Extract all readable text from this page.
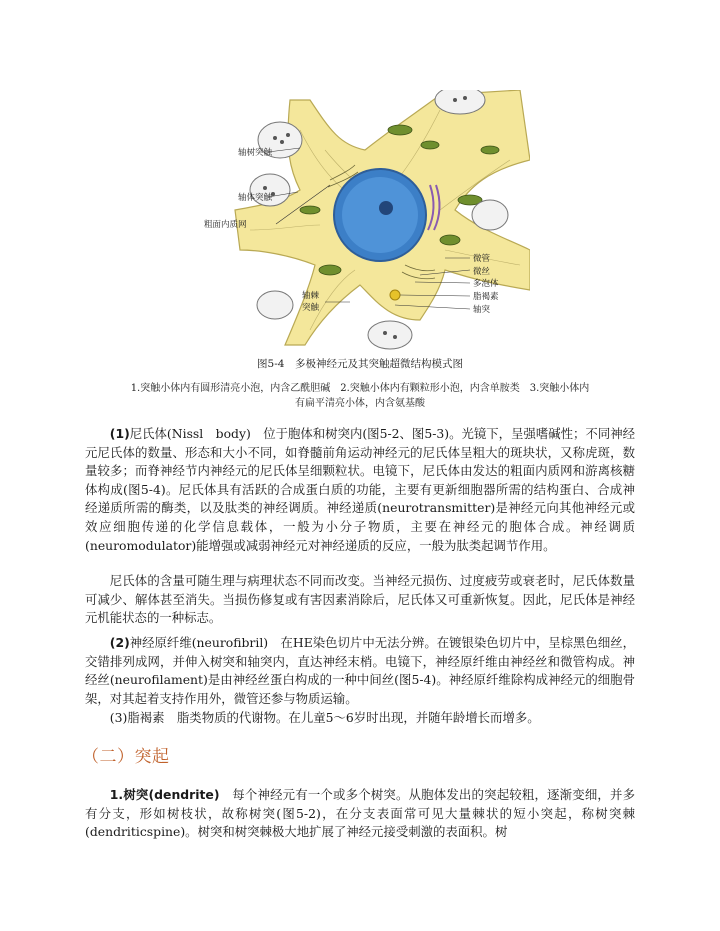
轴树突触
轴体突触
粗面内质网
轴棘
突触
微管
微丝
多泡体
脂褐素
轴突
图5-4　多极神经元及其突触超微结构模式图
1.突触小体内有圆形清亮小泡，内含乙酰胆碱　2.突触小体内有颗粒形小泡，内含单胺类　3.突触小体内
有扁平清亮小体，内含氨基酸

(1)尼氏体(Nissl　body)　位于胞体和树突内(图5-2、图5-3)。光镜下，呈强嗜碱性；不同神经元尼氏体的数量、形态和大小不同，如脊髓前角运动神经元的尼氏体呈粗大的斑块状，又称虎斑，数量较多；而脊神经节内神经元的尼氏体呈细颗粒状。电镜下，尼氏体由发达的粗面内质网和游离核糖体构成(图5-4)。尼氏体具有活跃的合成蛋白质的功能，主要有更新细胞器所需的结构蛋白、合成神经递质所需的酶类，以及肽类的神经调质。神经递质(neurotransmitter)是神经元向其他神经元或效应细胞传递的化学信息载体，一般为小分子物质，主要在神经元的胞体合成。神经调质(neuromodulator)能增强或减弱神经元对神经递质的反应，一般为肽类起调节作用。

尼氏体的含量可随生理与病理状态不同而改变。当神经元损伤、过度疲劳或衰老时，尼氏体数量可减少、解体甚至消失。当损伤修复或有害因素消除后，尼氏体又可重新恢复。因此，尼氏体是神经元机能状态的一种标志。

(2)神经原纤维(neurofibril)　在HE染色切片中无法分辨。在镀银染色切片中，呈棕黑色细丝，交错排列成网，并伸入树突和轴突内，直达神经末梢。电镜下，神经原纤维由神经丝和微管构成。神经丝(neurofilament)是由神经丝蛋白构成的一种中间丝(图5-4)。神经原纤维除构成神经元的细胞骨架，对其起着支持作用外，微管还参与物质运输。

(3)脂褐素　脂类物质的代谢物。在儿童5～6岁时出现，并随年龄增长而增多。

（二）突起

1.树突(dendrite)　每个神经元有一个或多个树突。从胞体发出的突起较粗，逐渐变细，并多有分支，形如树枝状，故称树突(图5-2)，在分支表面常可见大量棘状的短小突起，称树突棘(dendriticspine)。树突和树突棘极大地扩展了神经元接受刺激的表面积。树
